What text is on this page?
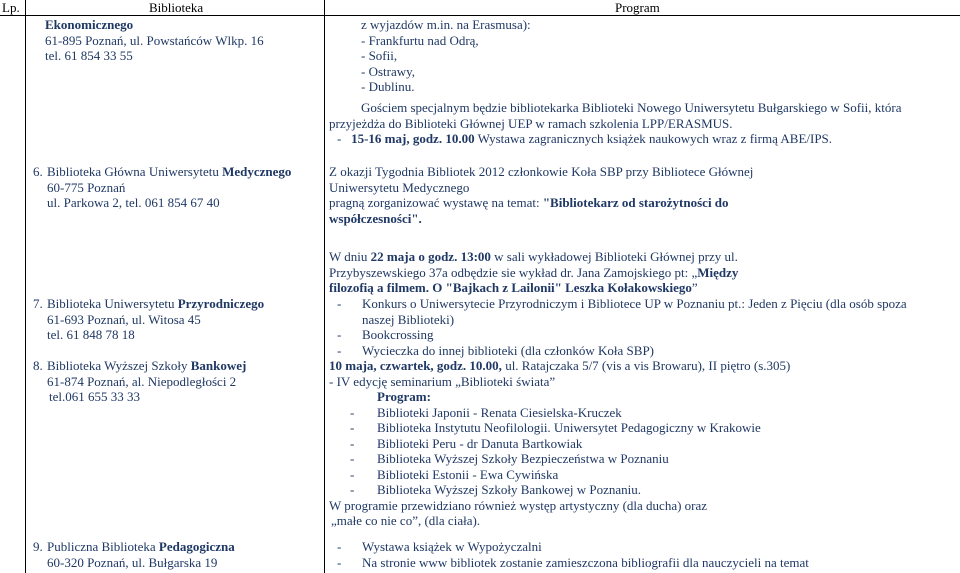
Lp.	Biblioteka	Program
Ekonomicznego
61-895 Poznań, ul. Powstańców Wlkp. 16
tel. 61 854 33 55
z wyjazdów m.in. na Erasmusa):
- Frankfurtu nad Odrą,
- Sofii,
- Ostrawy,
- Dublinu.
Gościem specjalnym będzie bibliotekarka Biblioteki Nowego Uniwersytetu Bułgarskiego w Sofii, która
przyjeżdża do Biblioteki Głównej UEP w ramach szkolenia LPP/ERASMUS.
- 15-16 maj, godz. 10.00 Wystawa zagranicznych książek naukowych wraz z firmą ABE/IPS.
6. Biblioteka Główna Uniwersytetu Medycznego
60-775 Poznań
ul. Parkowa 2, tel. 061 854 67 40
Z okazji Tygodnia Bibliotek 2012 członkowie Koła SBP przy Bibliotece Głównej
Uniwersytetu Medycznego
pragną zorganizować wystawę na temat: "Bibliotekarz od starożytności do
współczesności".
W dniu 22 maja o godz. 13:00 w sali wykładowej Biblioteki Głównej przy ul.
Przybyszewskiego 37a odbędzie sie wykład dr. Jana Zamojskiego pt: „Między
filozofią a filmem. O "Bajkach z Lailonii" Leszka Kołakowskiego”
7. Biblioteka Uniwersytetu Przyrodniczego
61-693 Poznań, ul. Witosa 45
tel. 61 848 78 18
- Konkurs o Uniwersytecie Przyrodniczym i Bibliotece UP w Poznaniu pt.: Jeden z Pięciu (dla osób spoza
naszej Biblioteki)
- Bookcrossing
- Wycieczka do innej biblioteki (dla członków Koła SBP)
8. Biblioteka Wyższej Szkoły Bankowej
61-874 Poznań, al. Niepodległości 2
tel.061 655 33 33
10 maja, czwartek, godz. 10.00, ul. Ratajczaka 5/7 (vis a vis Browaru), II piętro (s.305)
- IV edycję seminarium „Biblioteki świata”
Program:
- Biblioteki Japonii - Renata Ciesielska-Kruczek
- Biblioteka Instytutu Neofilologii. Uniwersytet Pedagogiczny w Krakowie
- Biblioteki Peru - dr Danuta Bartkowiak
- Biblioteka Wyższej Szkoły Bezpieczeństwa w Poznaniu
- Biblioteki Estonii - Ewa Cywińska
- Biblioteka Wyższej Szkoły Bankowej w Poznaniu.
W programie przewidziano również występ artystyczny (dla ducha) oraz
„małe co nie co”, (dla ciała).
9. Publiczna Biblioteka Pedagogiczna
60-320 Poznań, ul. Bułgarska 19
- Wystawa książek w Wypożyczalni
- Na stronie www bibliotek zostanie zamieszczona bibliografii dla nauczycieli na temat
